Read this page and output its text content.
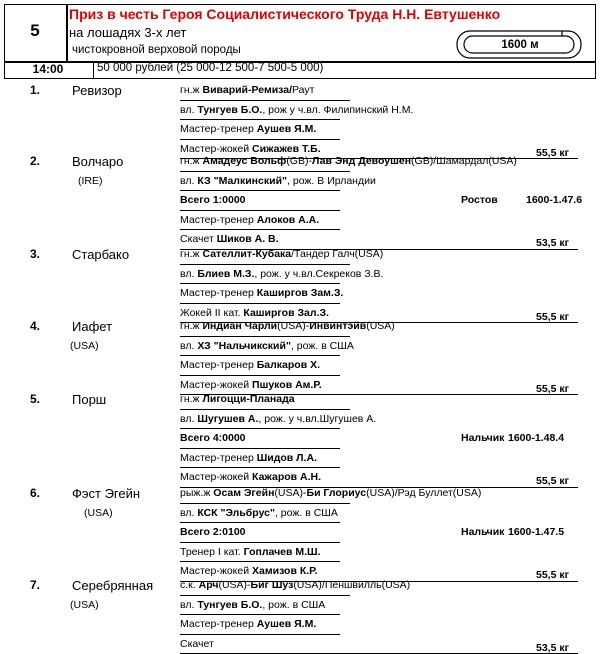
5
Приз в честь Героя Социалистического Труда Н.Н. Евтушенко
на лошадях 3-х лет
чистокровной верховой породы	1600 м
14:00	50 000 рублей (25 000-12 500-7 500-5 000)
1. Ревизор	гн.ж Виварий-Ремиза/Раут
вл. Тунгуев Б.О., рож у ч.вл. Филипинский Н.М.
Мастер-тренер Аушев Я.М.
Мастер-жокей Сижажев Т.Б.	55,5 кг
2. Волчаро
(IRE)
гн.ж Амадеус Вольф(GB)-Лав Энд Девоушен(GB)/Шамардал(USA)
вл. КЗ "Малкинский", рож. В Ирландии
Всего 1:0000	Ростов	1600-1.47.6
Мастер-тренер Алоков А.А.
Скачет Шиков А. В.	53,5 кг
3. Старбако	гн.ж Сателлит-Кубака/Тандер Галч(USA)
вл. Блиев М.З., рож. у ч.вл.Секреков З.В.
Мастер-тренер Каширгов Зам.З.
Жокей II кат. Каширгов Зал.З.	55,5 кг
4. Иафет
(USA)
гн.ж Индиан Чарли(USA)-Инвинтэйв(USA)
вл. ХЗ "Нальчикский", рож. в США
Мастер-тренер Балкаров Х.
Мастер-жокей Пшуков Ам.Р.	55,5 кг
5. Порш	гн.ж Лигоцци-Планада
вл. Шугушев А., рож. у ч.вл.Шугушев А.
Всего 4:0000	Нальчик 1600-1.48.4
Мастер-тренер Шидов Л.А.
Мастер-жокей Кажаров А.Н.	55,5 кг
6. Фэст Эгейн
(USA)
рыж.ж Осам Эгейн(USA)-Би Глориус(USA)/Рэд Буллет(USA)
вл. КСК "Эльбрус", рож. в США
Всего 2:0100	Нальчик 1600-1.47.5
Тренер I кат. Гоплачев М.Ш.
Мастер-жокей Хамизов К.Р.	55,5 кг
7. Серебрянная
(USA)
с.к. Арч(USA)-Биг Шуз(USA)/Пеншвилль(USA)
вл. Тунгуев Б.О., рож. в США
Мастер-тренер Аушев Я.М.
Скачет	53,5 кг
